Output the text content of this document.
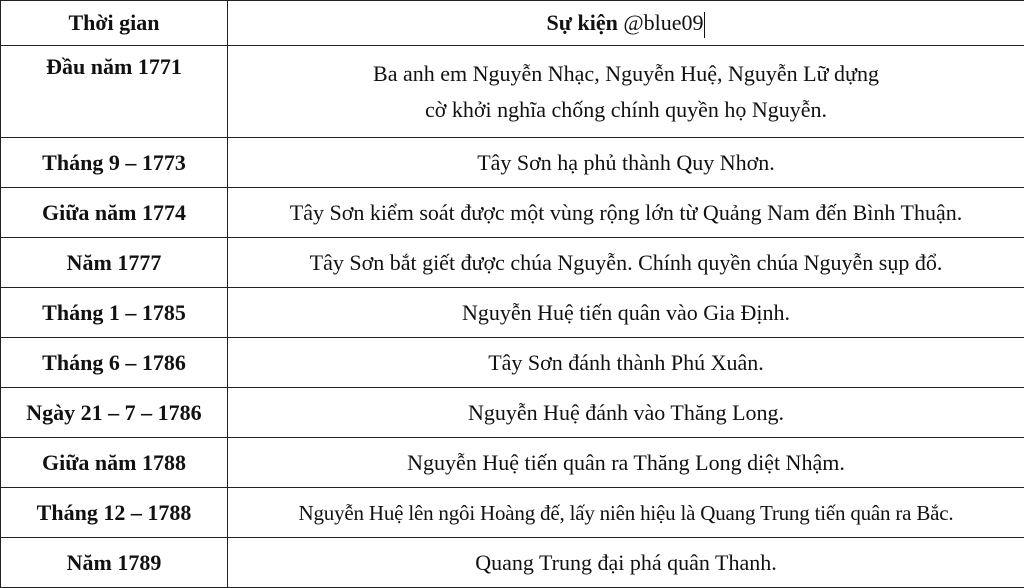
Thời gian	Sự kiện @blue09
Đầu năm 1771	Ba anh em Nguyễn Nhạc, Nguyễn Huệ, Nguyễn Lữ dựng cờ khởi nghĩa chống chính quyền họ Nguyễn.
Tháng 9 – 1773	Tây Sơn hạ phủ thành Quy Nhơn.
Giữa năm 1774	Tây Sơn kiểm soát được một vùng rộng lớn từ Quảng Nam đến Bình Thuận.
Năm 1777	Tây Sơn bắt giết được chúa Nguyễn. Chính quyền chúa Nguyễn sụp đổ.
Tháng 1 – 1785	Nguyễn Huệ tiến quân vào Gia Định.
Tháng 6 – 1786	Tây Sơn đánh thành Phú Xuân.
Ngày 21 – 7 – 1786	Nguyễn Huệ đánh vào Thăng Long.
Giữa năm 1788	Nguyễn Huệ tiến quân ra Thăng Long diệt Nhậm.
Tháng 12 – 1788	Nguyễn Huệ lên ngôi Hoàng đế, lấy niên hiệu là Quang Trung tiến quân ra Bắc.
Năm 1789	Quang Trung đại phá quân Thanh.
